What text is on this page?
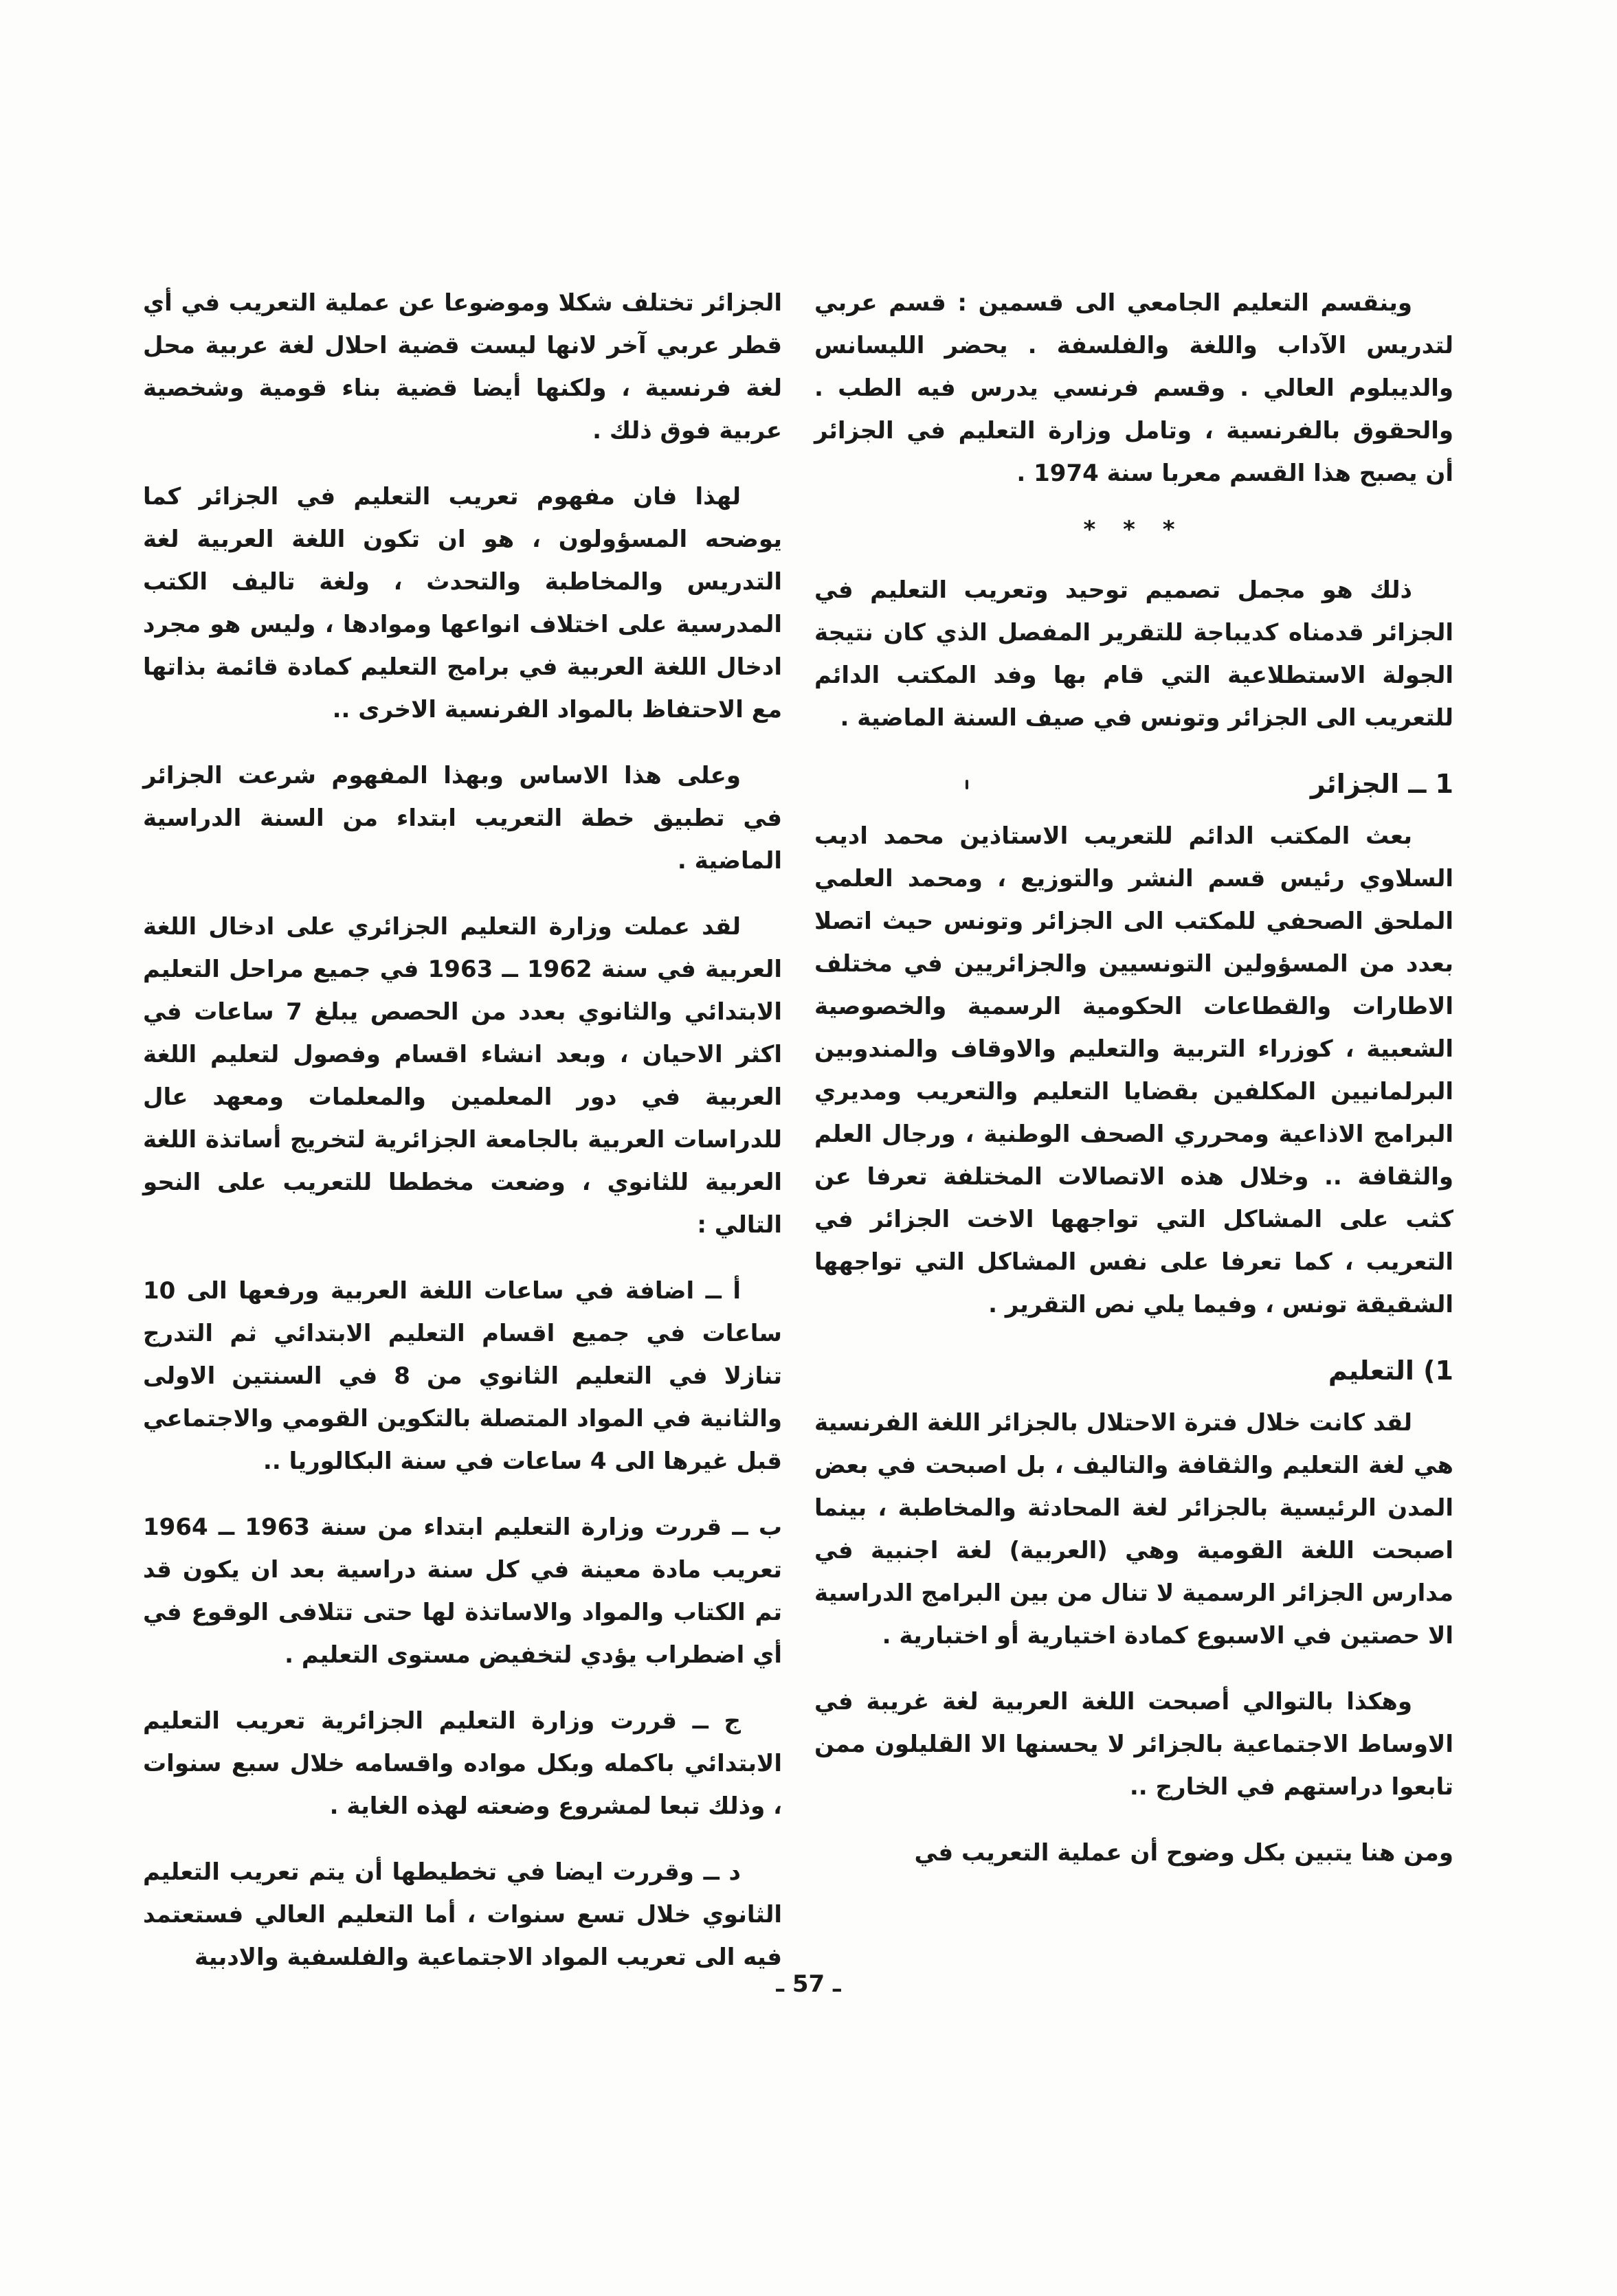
وينقسم التعليم الجامعي الى قسمين : قسم عربي لتدريس الآداب واللغة والفلسفة . يحضر الليسانس والديبلوم العالي . وقسم فرنسي يدرس فيه الطب . والحقوق بالفرنسية ، وتامل وزارة التعليم في الجزائر أن يصبح هذا القسم معربا سنة 1974 .

* * *

ذلك هو مجمل تصميم توحيد وتعريب التعليم في الجزائر قدمناه كديباجة للتقرير المفصل الذي كان نتيجة الجولة الاستطلاعية التي قام بها وفد المكتب الدائم للتعريب الى الجزائر وتونس في صيف السنة الماضية .

1 ــ الجزائر

بعث المكتب الدائم للتعريب الاستاذين محمد اديب السلاوي رئيس قسم النشر والتوزيع ، ومحمد العلمي الملحق الصحفي للمكتب الى الجزائر وتونس حيث اتصلا بعدد من المسؤولين التونسيين والجزائريين في مختلف الاطارات والقطاعات الحكومية الرسمية والخصوصية الشعبية ، كوزراء التربية والتعليم والاوقاف والمندوبين البرلمانيين المكلفين بقضايا التعليم والتعريب ومديري البرامج الاذاعية ومحرري الصحف الوطنية ، ورجال العلم والثقافة .. وخلال هذه الاتصالات المختلفة تعرفا عن كثب على المشاكل التي تواجهها الاخت الجزائر في التعريب ، كما تعرفا على نفس المشاكل التي تواجهها الشقيقة تونس ، وفيما يلي نص التقرير .

1) التعليم

لقد كانت خلال فترة الاحتلال بالجزائر اللغة الفرنسية هي لغة التعليم والثقافة والتاليف ، بل اصبحت في بعض المدن الرئيسية بالجزائر لغة المحادثة والمخاطبة ، بينما اصبحت اللغة القومية وهي (العربية) لغة اجنبية في مدارس الجزائر الرسمية لا تنال من بين البرامج الدراسية الا حصتين في الاسبوع كمادة اختيارية أو اختبارية .

وهكذا بالتوالي أصبحت اللغة العربية لغة غريبة في الاوساط الاجتماعية بالجزائر لا يحسنها الا القليلون ممن تابعوا دراستهم في الخارج ..

ومن هنا يتبين بكل وضوح أن عملية التعريب في

الجزائر تختلف شكلا وموضوعا عن عملية التعريب في أي قطر عربي آخر لانها ليست قضية احلال لغة عربية محل لغة فرنسية ، ولكنها أيضا قضية بناء قومية وشخصية عربية فوق ذلك .

لهذا فان مفهوم تعريب التعليم في الجزائر كما يوضحه المسؤولون ، هو ان تكون اللغة العربية لغة التدريس والمخاطبة والتحدث ، ولغة تاليف الكتب المدرسية على اختلاف انواعها وموادها ، وليس هو مجرد ادخال اللغة العربية في برامج التعليم كمادة قائمة بذاتها مع الاحتفاظ بالمواد الفرنسية الاخرى ..

وعلى هذا الاساس وبهذا المفهوم شرعت الجزائر في تطبيق خطة التعريب ابتداء من السنة الدراسية الماضية .

لقد عملت وزارة التعليم الجزائري على ادخال اللغة العربية في سنة 1962 ــ 1963 في جميع مراحل التعليم الابتدائي والثانوي بعدد من الحصص يبلغ 7 ساعات في اكثر الاحيان ، وبعد انشاء اقسام وفصول لتعليم اللغة العربية في دور المعلمين والمعلمات ومعهد عال للدراسات العربية بالجامعة الجزائرية لتخريج أساتذة اللغة العربية للثانوي ، وضعت مخططا للتعريب على النحو التالي :

أ ــ اضافة في ساعات اللغة العربية ورفعها الى 10 ساعات في جميع اقسام التعليم الابتدائي ثم التدرج تنازلا في التعليم الثانوي من 8 في السنتين الاولى والثانية في المواد المتصلة بالتكوين القومي والاجتماعي قبل غيرها الى 4 ساعات في سنة البكالوريا ..

ب ــ قررت وزارة التعليم ابتداء من سنة 1963 ــ 1964 تعريب مادة معينة في كل سنة دراسية بعد ان يكون قد تم الكتاب والمواد والاساتذة لها حتى تتلافى الوقوع في أي اضطراب يؤدي لتخفيض مستوى التعليم .

ج ــ قررت وزارة التعليم الجزائرية تعريب التعليم الابتدائي باكمله وبكل مواده واقسامه خلال سبع سنوات ، وذلك تبعا لمشروع وضعته لهذه الغاية .

د ــ وقررت ايضا في تخطيطها أن يتم تعريب التعليم الثانوي خلال تسع سنوات ، أما التعليم العالي فستعتمد فيه الى تعريب المواد الاجتماعية والفلسفية والادبية

ـ 57 ـ
